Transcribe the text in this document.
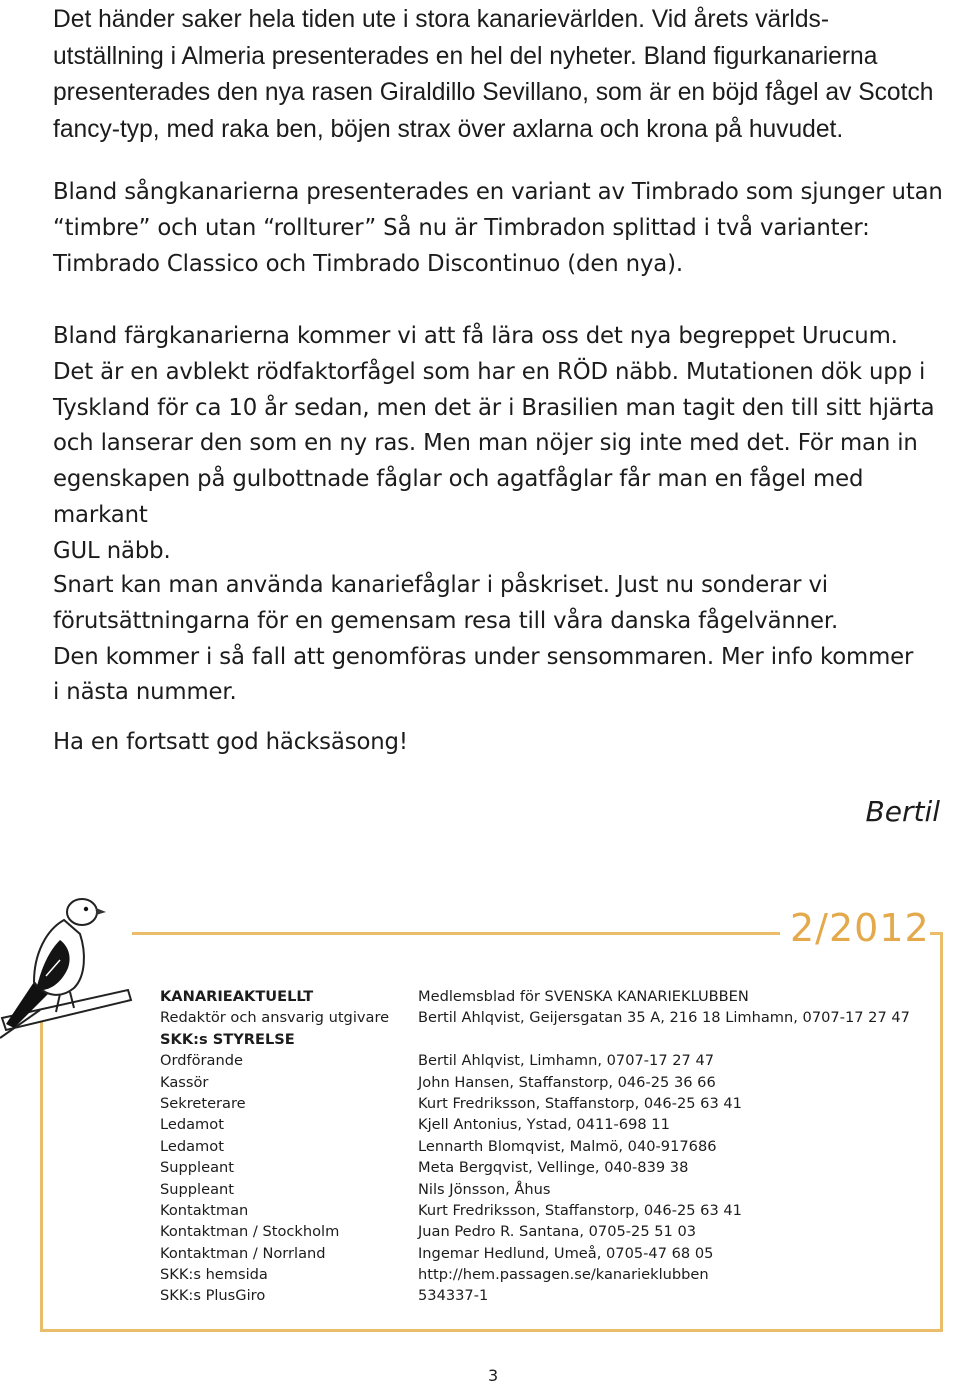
Det händer saker hela tiden ute i stora kanarievärlden. Vid årets världs-
utställning i Almeria presenterades en hel del nyheter. Bland figurkanarierna
presenterades den nya rasen Giraldillo Sevillano, som är en böjd fågel av Scotch
fancy-typ, med raka ben, böjen strax över axlarna och krona på huvudet.
Bland sångkanarierna presenterades en variant av Timbrado som sjunger utan
“timbre” och utan “rollturer” Så nu är Timbradon splittad i två varianter:
Timbrado Classico och Timbrado Discontinuo (den nya).
Bland färgkanarierna kommer vi att få lära oss det nya begreppet Urucum.
Det är en avblekt rödfaktorfågel som har en RÖD näbb. Mutationen dök upp i
Tyskland för ca 10 år sedan, men det är i Brasilien man tagit den till sitt hjärta
och lanserar den som en ny ras. Men man nöjer sig inte med det. För man in
egenskapen på gulbottnade fåglar och agatfåglar får man en fågel med markant
GUL näbb.
Snart kan man använda kanariefåglar i påskriset. Just nu sonderar vi
förutsättningarna för en gemensam resa till våra danska fågelvänner.
Den kommer i så fall att genomföras under sensommaren. Mer info kommer
i nästa nummer.
Ha en fortsatt god häcksäsong!
Bertil
2/2012
KANARIEAKTUELLT	Medlemsblad för SVENSKA KANARIEKLUBBEN
Redaktör och ansvarig utgivare Bertil Ahlqvist, Geijersgatan 35 A, 216 18 Limhamn, 0707-17 27 47
SKK:s STYRELSE
Ordförande	Bertil Ahlqvist, Limhamn, 0707-17 27 47
Kassör	John Hansen, Staffanstorp, 046-25 36 66
Sekreterare	Kurt Fredriksson, Staffanstorp, 046-25 63 41
Ledamot	Kjell Antonius, Ystad, 0411-698 11
Ledamot	Lennarth Blomqvist, Malmö, 040-917686
Suppleant	Meta Bergqvist, Vellinge, 040-839 38
Suppleant	Nils Jönsson, Åhus
Kontaktman	Kurt Fredriksson, Staffanstorp, 046-25 63 41
Kontaktman / Stockholm	Juan Pedro R. Santana, 0705-25 51 03
Kontaktman / Norrland	Ingemar Hedlund, Umeå, 0705-47 68 05
SKK:s hemsida	http://hem.passagen.se/kanarieklubben
SKK:s PlusGiro	534337-1
3
